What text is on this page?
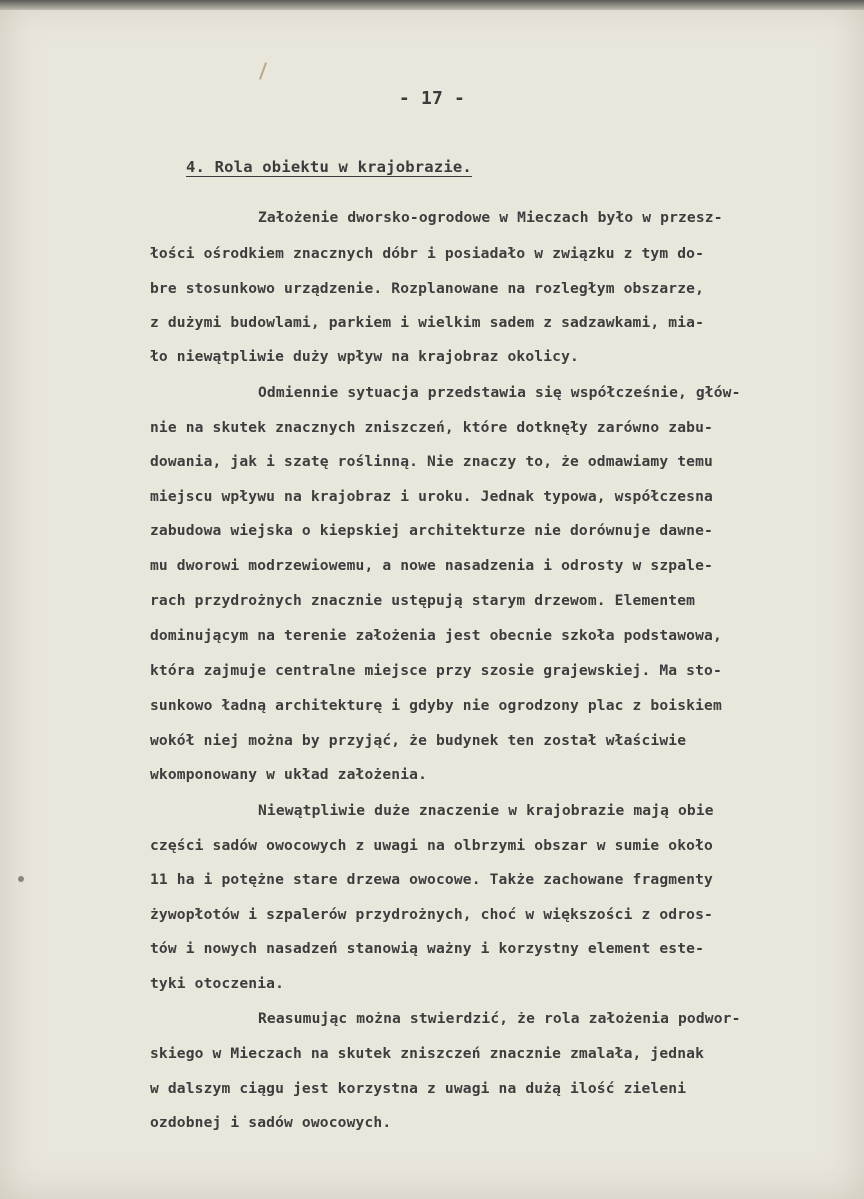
- 17 -
4. Rola obiektu w krajobrazie.
Założenie dworsko-ogrodowe w Mieczach było w przesz-
łości ośrodkiem znacznych dóbr i posiadało w związku z tym do-
bre stosunkowo urządzenie. Rozplanowane na rozległym obszarze,
z dużymi budowlami, parkiem i wielkim sadem z sadzawkami, mia-
ło niewątpliwie duży wpływ na krajobraz okolicy.
Odmiennie sytuacja przedstawia się współcześnie, głów-
nie na skutek znacznych zniszczeń, które dotknęły zarówno zabu-
dowania, jak i szatę roślinną. Nie znaczy to, że odmawiamy temu
miejscu wpływu na krajobraz i uroku. Jednak typowa, współczesna
zabudowa wiejska o kiepskiej architekturze nie dorównuje dawne-
mu dworowi modrzewiowemu, a nowe nasadzenia i odrosty w szpale-
rach przydrożnych znacznie ustępują starym drzewom. Elementem
dominującym na terenie założenia jest obecnie szkoła podstawowa,
która zajmuje centralne miejsce przy szosie grajewskiej. Ma sto-
sunkowo ładną architekturę i gdyby nie ogrodzony plac z boiskiem
wokół niej można by przyjąć, że budynek ten został właściwie
wkomponowany w układ założenia.
Niewątpliwie duże znaczenie w krajobrazie mają obie
części sadów owocowych z uwagi na olbrzymi obszar w sumie około
11 ha i potężne stare drzewa owocowe. Także zachowane fragmenty
żywopłotów i szpalerów przydrożnych, choć w większości z odros-
tów i nowych nasadzeń stanowią ważny i korzystny element este-
tyki otoczenia.
Reasumując można stwierdzić, że rola założenia podwor-
skiego w Mieczach na skutek zniszczeń znacznie zmalała, jednak
w dalszym ciągu jest korzystna z uwagi na dużą ilość zieleni
ozdobnej i sadów owocowych.
